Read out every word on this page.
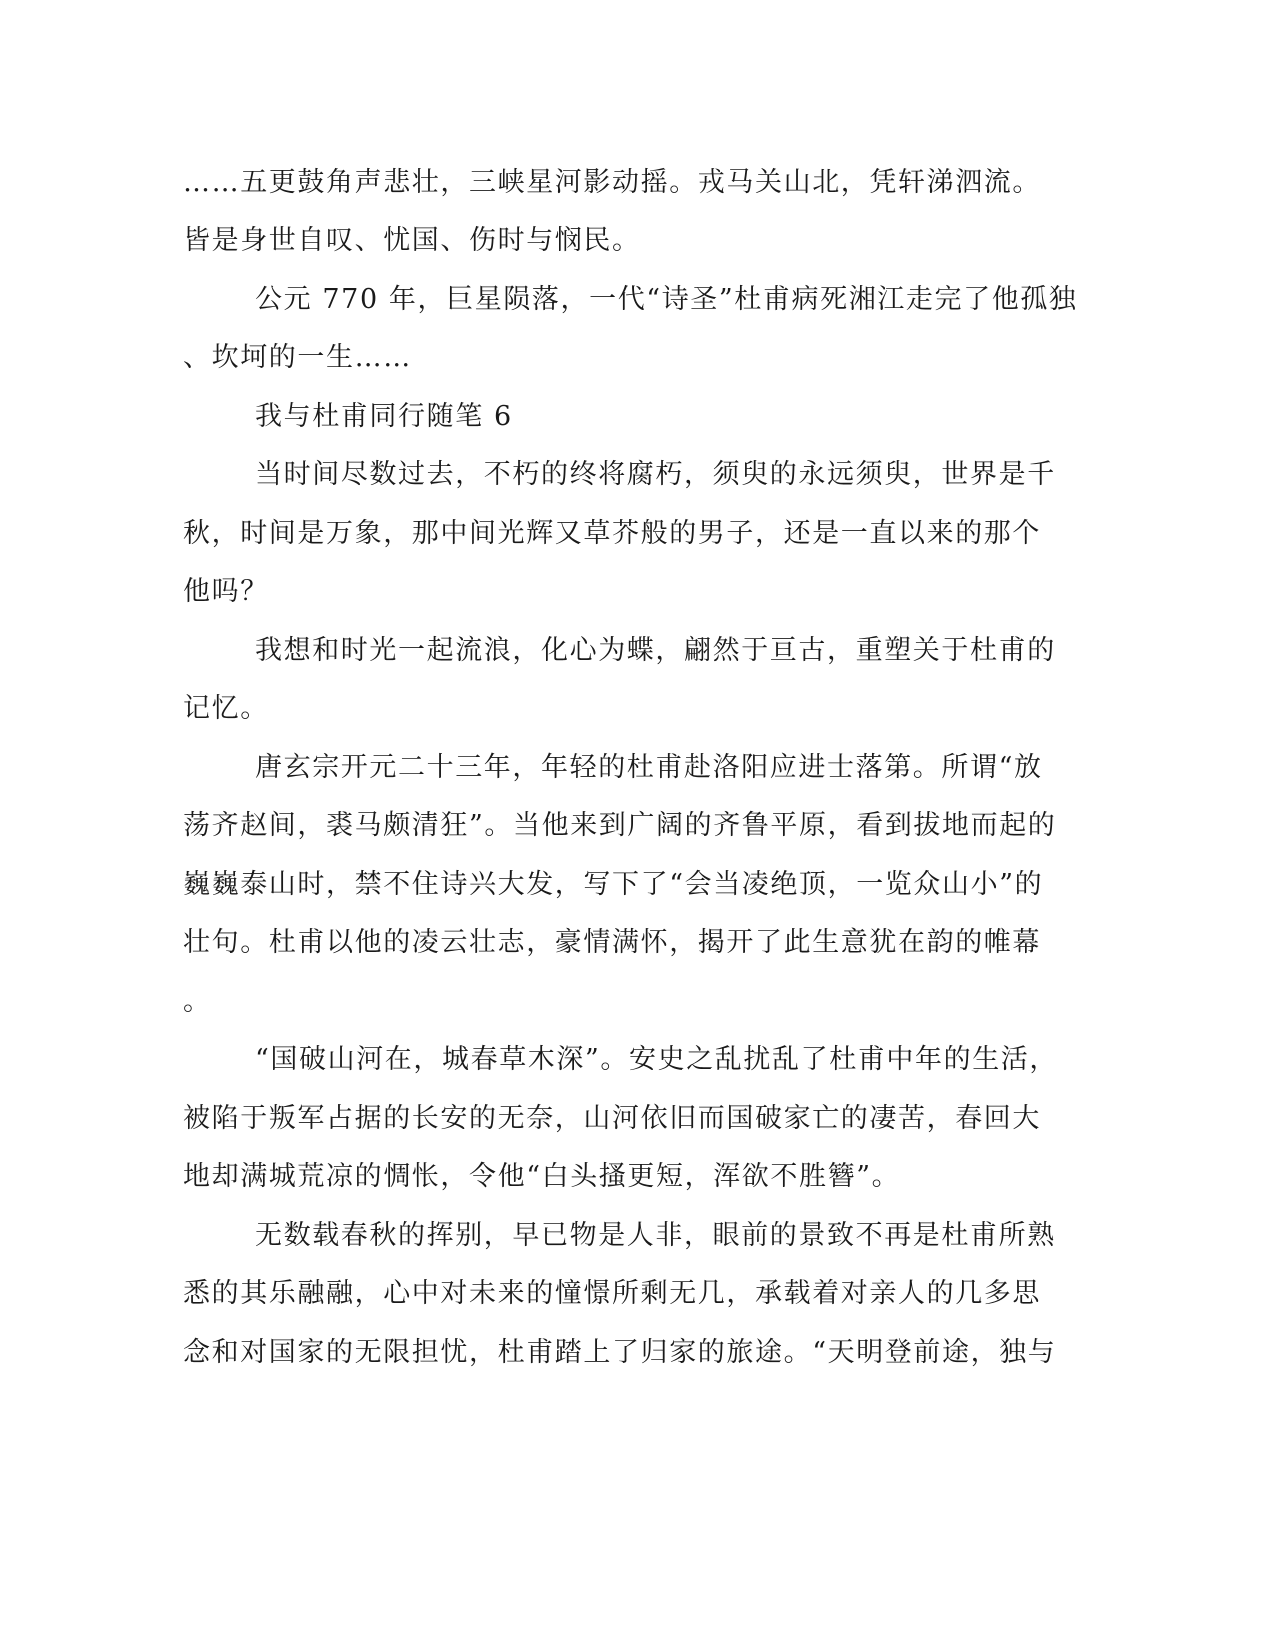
……五更鼓角声悲壮，三峡星河影动摇。戎马关山北，凭轩涕泗流。
皆是身世自叹、忧国、伤时与悯民。
公元 770 年，巨星陨落，一代“诗圣”杜甫病死湘江走完了他孤独
、坎坷的一生……
我与杜甫同行随笔 6
当时间尽数过去，不朽的终将腐朽，须臾的永远须臾，世界是千
秋，时间是万象，那中间光辉又草芥般的男子，还是一直以来的那个
他吗？
我想和时光一起流浪，化心为蝶，翩然于亘古，重塑关于杜甫的
记忆。
唐玄宗开元二十三年，年轻的杜甫赴洛阳应进士落第。所谓“放
荡齐赵间，裘马颇清狂”。当他来到广阔的齐鲁平原，看到拔地而起的
巍巍泰山时，禁不住诗兴大发，写下了“会当凌绝顶，一览众山小”的
壮句。杜甫以他的凌云壮志，豪情满怀，揭开了此生意犹在韵的帷幕
。
“国破山河在，城春草木深”。安史之乱扰乱了杜甫中年的生活，
被陷于叛军占据的长安的无奈，山河依旧而国破家亡的凄苦，春回大
地却满城荒凉的惆怅，令他“白头搔更短，浑欲不胜簪”。
无数载春秋的挥别，早已物是人非，眼前的景致不再是杜甫所熟
悉的其乐融融，心中对未来的憧憬所剩无几，承载着对亲人的几多思
念和对国家的无限担忧，杜甫踏上了归家的旅途。“天明登前途，独与
